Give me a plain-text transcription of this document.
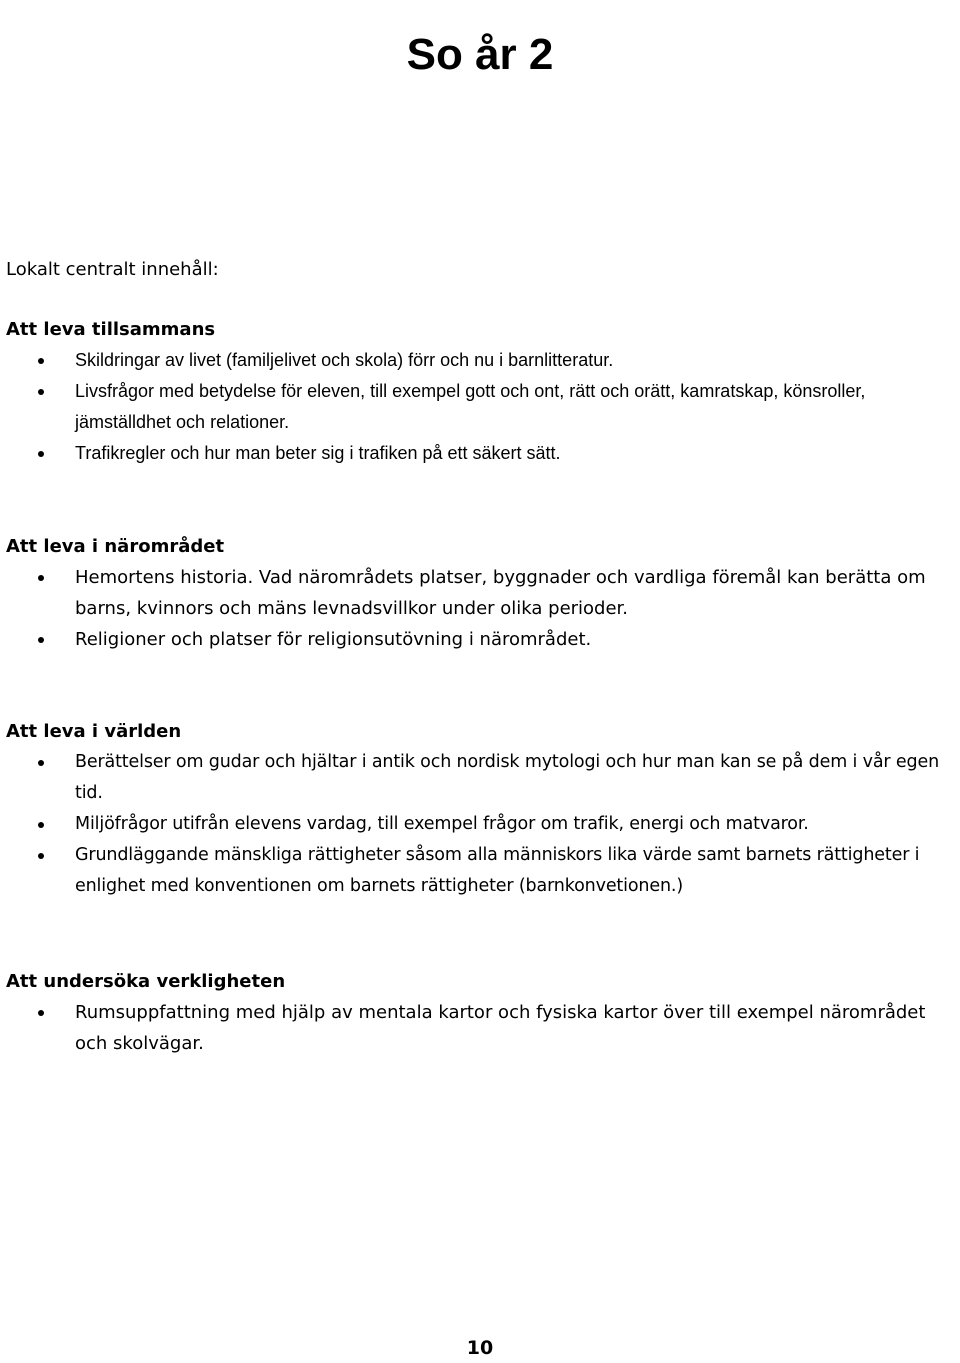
So år 2
Lokalt centralt innehåll:
Att leva tillsammans
Skildringar av livet (familjelivet och skola) förr och nu i barnlitteratur.
Livsfrågor med betydelse för eleven, till exempel gott och ont, rätt och orätt, kamratskap, könsroller, jämställdhet och relationer.
Trafikregler och hur man beter sig i trafiken på ett säkert sätt.
Att leva i närområdet
Hemortens historia. Vad närområdets platser, byggnader och vardliga föremål kan berätta om barns, kvinnors och mäns levnadsvillkor under olika perioder.
Religioner och platser för religionsutövning i närområdet.
Att leva i världen
Berättelser om gudar och hjältar i antik och nordisk mytologi och hur man kan se på dem i vår egen tid.
Miljöfrågor utifrån elevens vardag, till exempel frågor om trafik, energi och matvaror.
Grundläggande mänskliga rättigheter såsom alla människors lika värde samt barnets rättigheter i enlighet med konventionen om barnets rättigheter (barnkonvetionen.)
Att undersöka verkligheten
Rumsuppfattning med hjälp av mentala kartor och fysiska kartor över till exempel närområdet och skolvägar.
10
